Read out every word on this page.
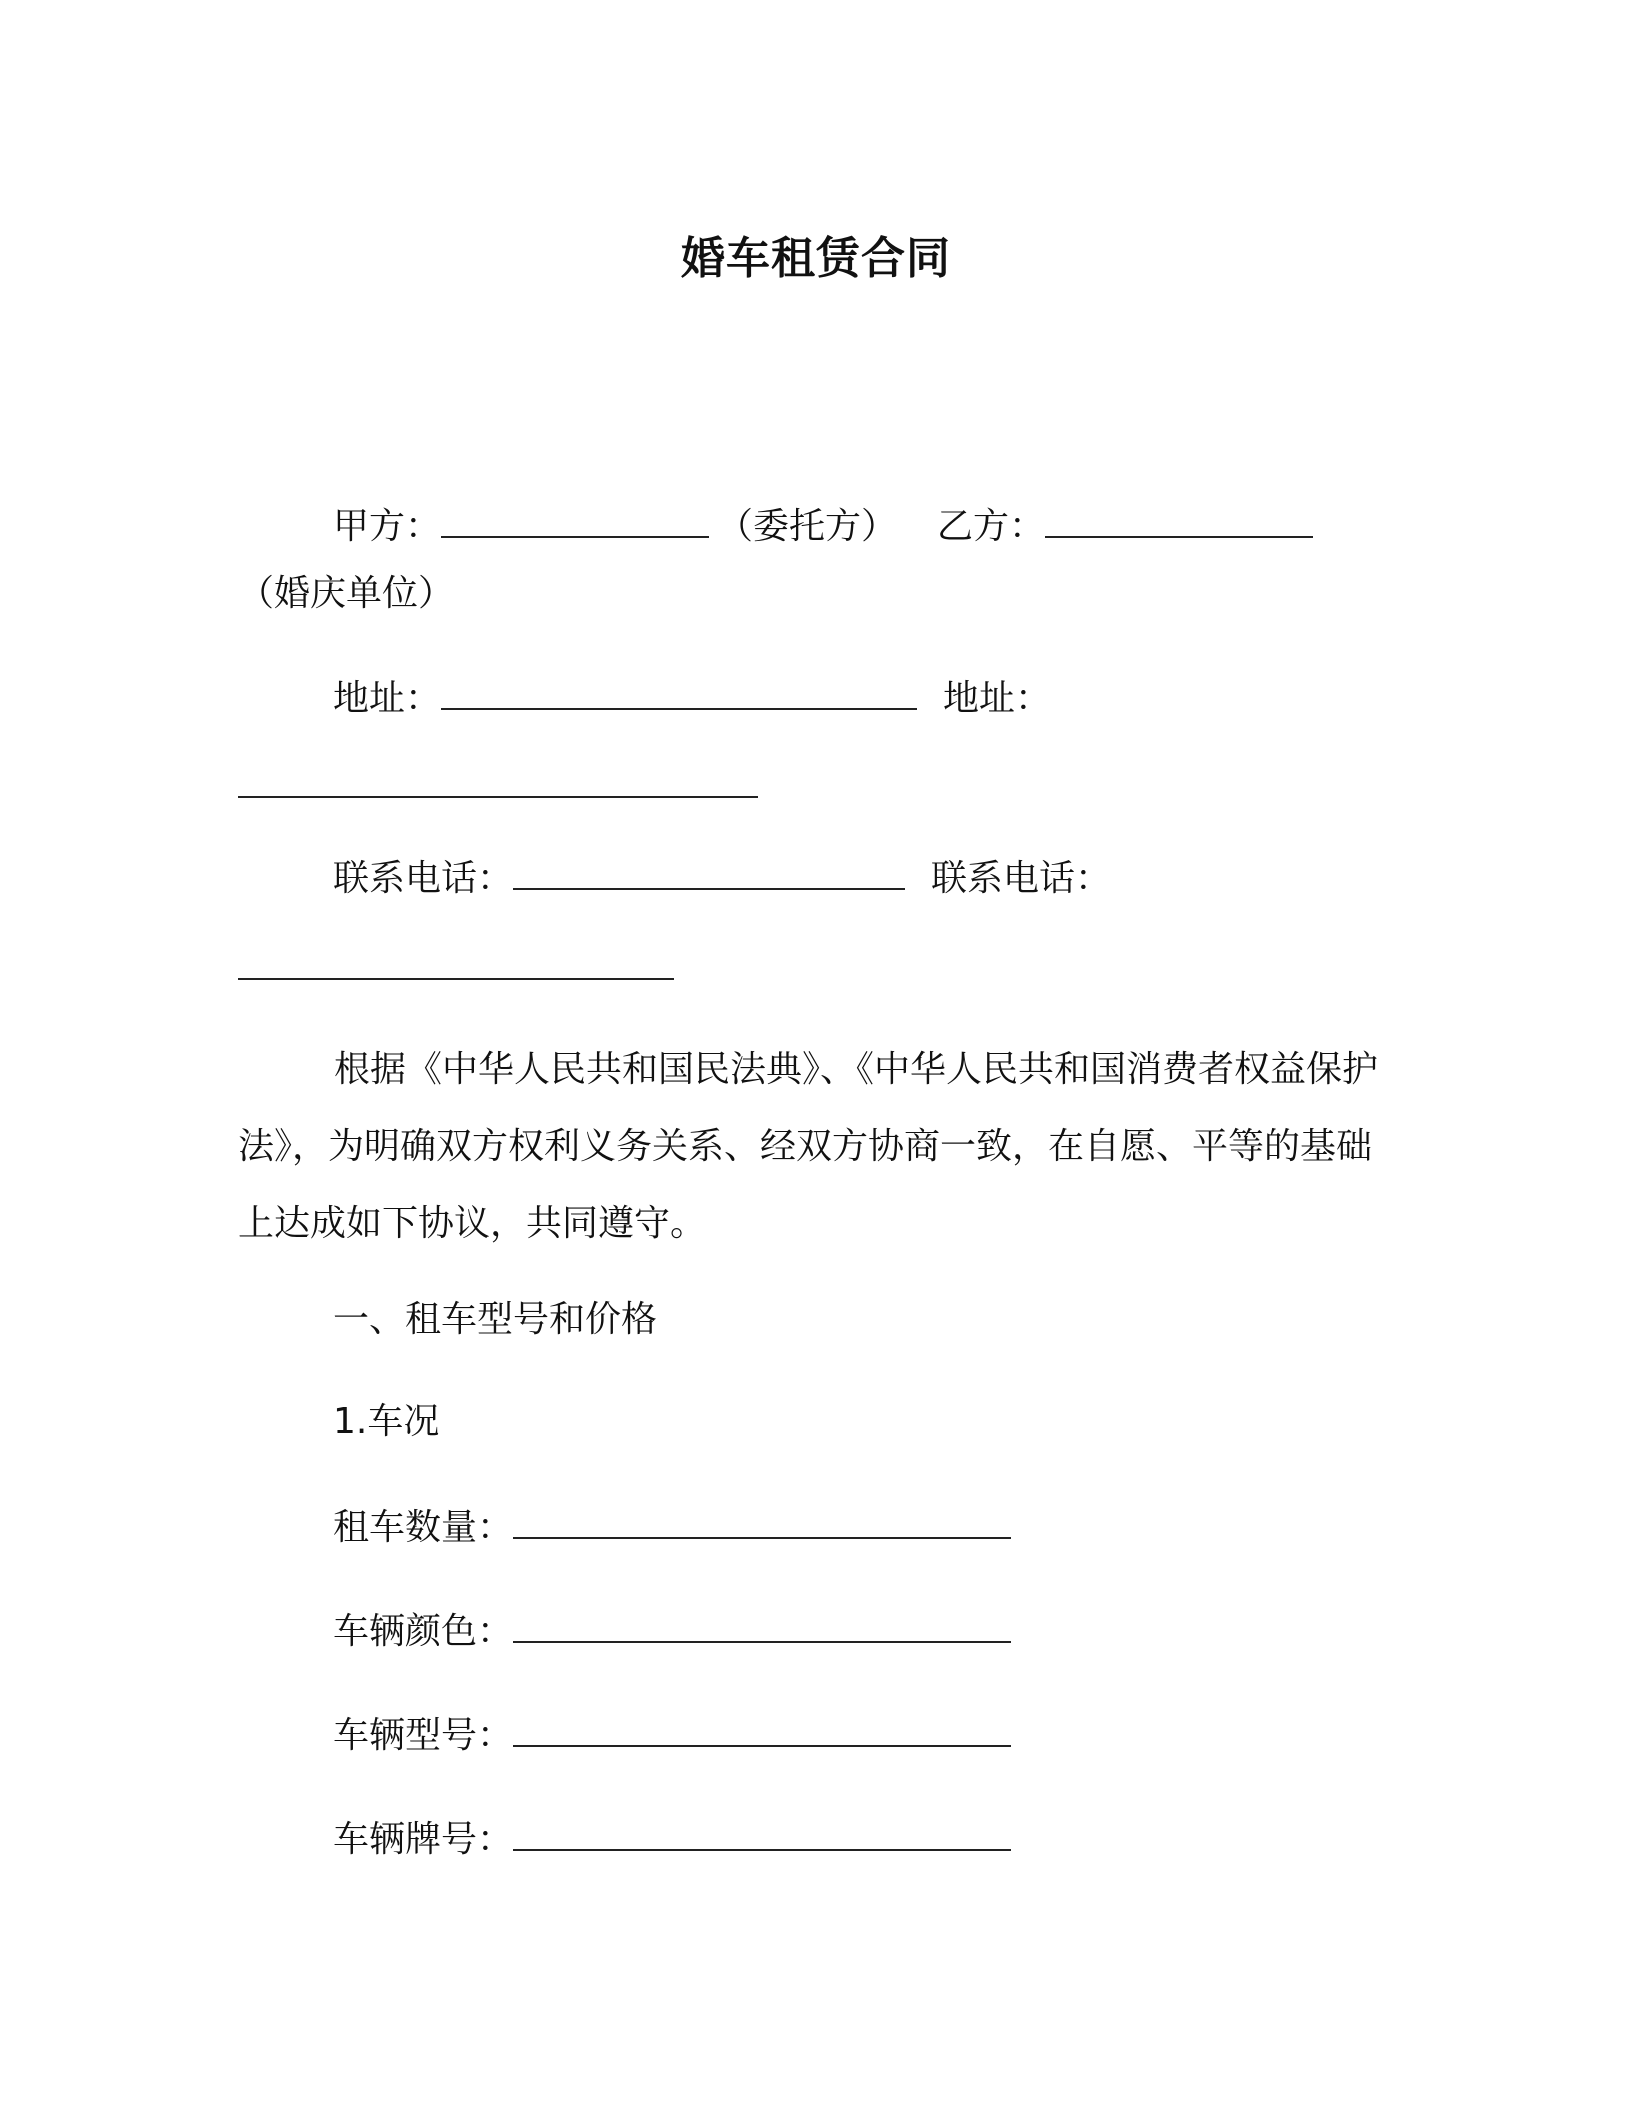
婚车租赁合同
甲方：	（委托方） 乙方：
（婚庆单位）
地址：	地址：
联系电话：	联系电话：
根据《中华人民共和国民法典》、《中华人民共和国消费者权益保护法》，为明确双方权利义务关系、经双方协商一致，在自愿、平等的基础上达成如下协议，共同遵守。
一、租车型号和价格
1.车况
租车数量：
车辆颜色：
车辆型号：
车辆牌号：
